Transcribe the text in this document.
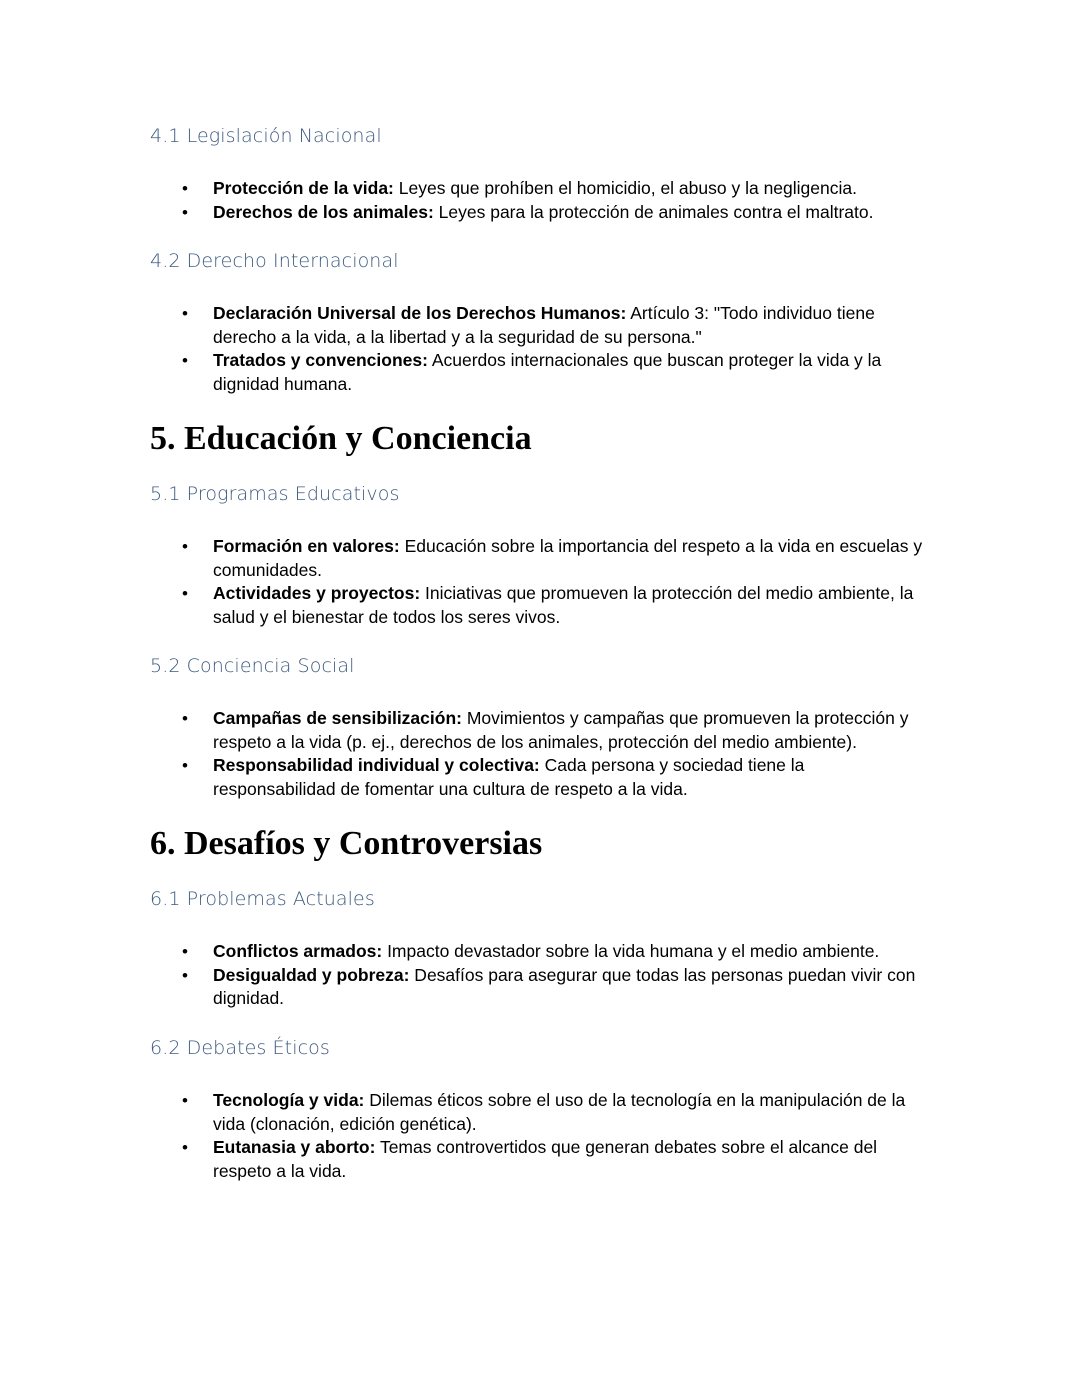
4.1 Legislación Nacional
• Protección de la vida: Leyes que prohíben el homicidio, el abuso y la negligencia.
• Derechos de los animales: Leyes para la protección de animales contra el maltrato.
4.2 Derecho Internacional
• Declaración Universal de los Derechos Humanos: Artículo 3: "Todo individuo tiene derecho a la vida, a la libertad y a la seguridad de su persona."
• Tratados y convenciones: Acuerdos internacionales que buscan proteger la vida y la dignidad humana.
5. Educación y Conciencia
5.1 Programas Educativos
• Formación en valores: Educación sobre la importancia del respeto a la vida en escuelas y comunidades.
• Actividades y proyectos: Iniciativas que promueven la protección del medio ambiente, la salud y el bienestar de todos los seres vivos.
5.2 Conciencia Social
• Campañas de sensibilización: Movimientos y campañas que promueven la protección y respeto a la vida (p. ej., derechos de los animales, protección del medio ambiente).
• Responsabilidad individual y colectiva: Cada persona y sociedad tiene la responsabilidad de fomentar una cultura de respeto a la vida.
6. Desafíos y Controversias
6.1 Problemas Actuales
• Conflictos armados: Impacto devastador sobre la vida humana y el medio ambiente.
• Desigualdad y pobreza: Desafíos para asegurar que todas las personas puedan vivir con dignidad.
6.2 Debates Éticos
• Tecnología y vida: Dilemas éticos sobre el uso de la tecnología en la manipulación de la vida (clonación, edición genética).
• Eutanasia y aborto: Temas controvertidos que generan debates sobre el alcance del respeto a la vida.
